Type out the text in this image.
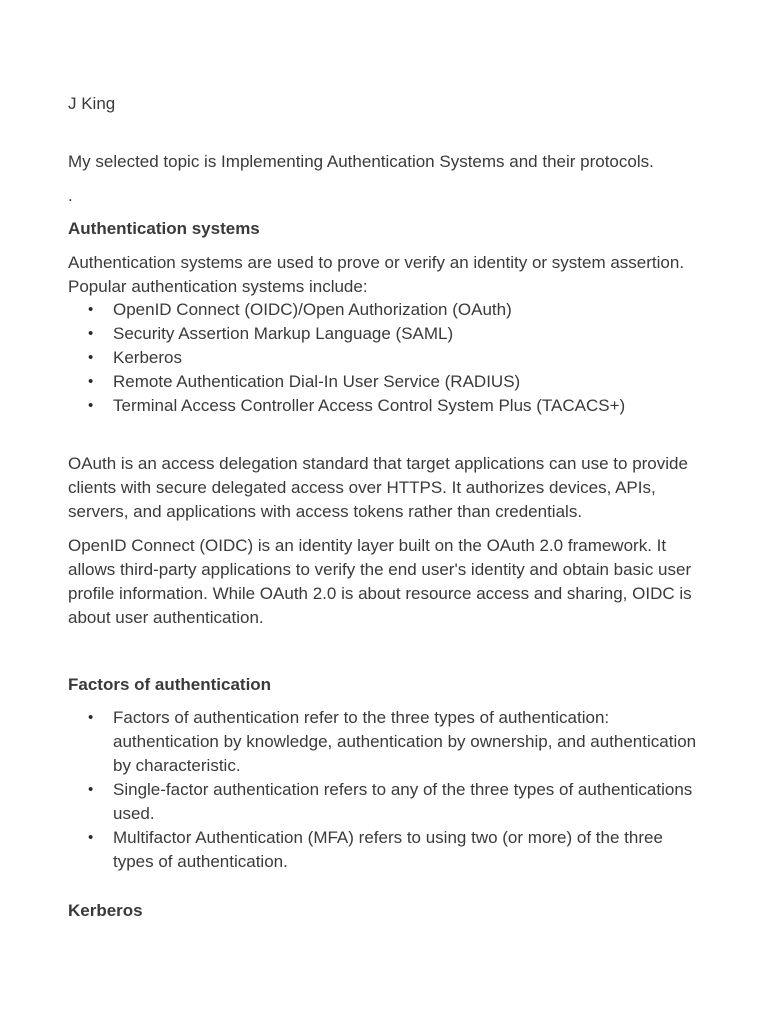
J King
My selected topic is Implementing Authentication Systems and their protocols.
.
Authentication systems
Authentication systems are used to prove or verify an identity or system assertion. Popular authentication systems include:
• OpenID Connect (OIDC)/Open Authorization (OAuth)
• Security Assertion Markup Language (SAML)
• Kerberos
• Remote Authentication Dial-In User Service (RADIUS)
• Terminal Access Controller Access Control System Plus (TACACS+)
OAuth is an access delegation standard that target applications can use to provide clients with secure delegated access over HTTPS. It authorizes devices, APIs, servers, and applications with access tokens rather than credentials.
OpenID Connect (OIDC) is an identity layer built on the OAuth 2.0 framework. It allows third-party applications to verify the end user's identity and obtain basic user profile information. While OAuth 2.0 is about resource access and sharing, OIDC is about user authentication.
Factors of authentication
• Factors of authentication refer to the three types of authentication: authentication by knowledge, authentication by ownership, and authentication by characteristic.
• Single-factor authentication refers to any of the three types of authentications used.
• Multifactor Authentication (MFA) refers to using two (or more) of the three types of authentication.
Kerberos
